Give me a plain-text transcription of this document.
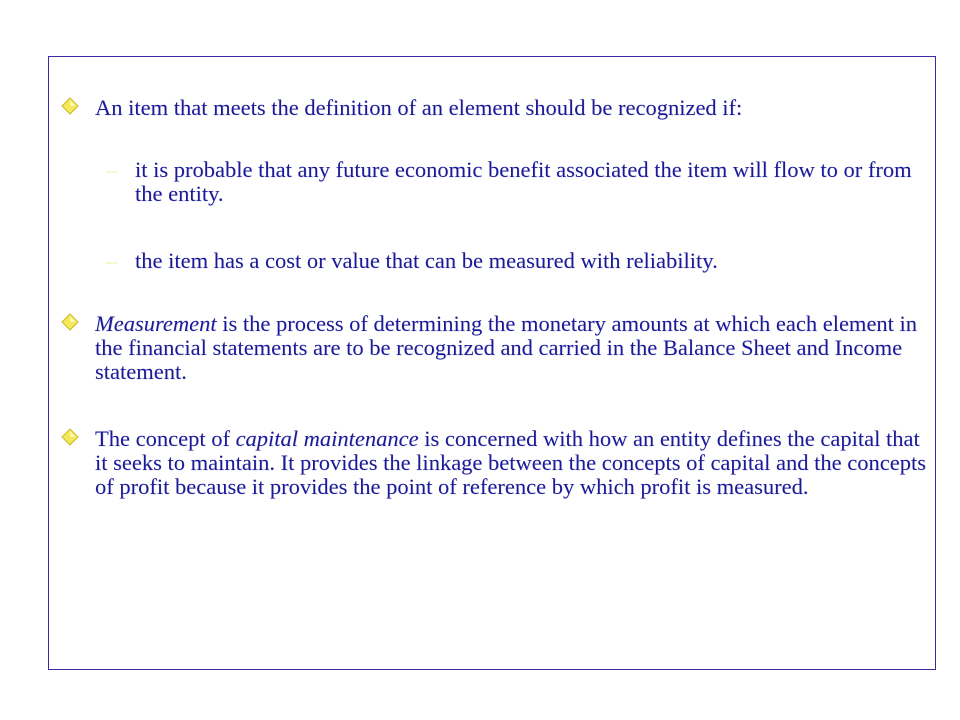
An item that meets the definition of an element should be recognized if:
– it is probable that any future economic benefit associated the item will flow to or from the entity.
– the item has a cost or value that can be measured with reliability.
Measurement is the process of determining the monetary amounts at which each element in the financial statements are to be recognized and carried in the Balance Sheet and Income statement.
The concept of capital maintenance is concerned with how an entity defines the capital that it seeks to maintain. It provides the linkage between the concepts of capital and the concepts of profit because it provides the point of reference by which profit is measured.
